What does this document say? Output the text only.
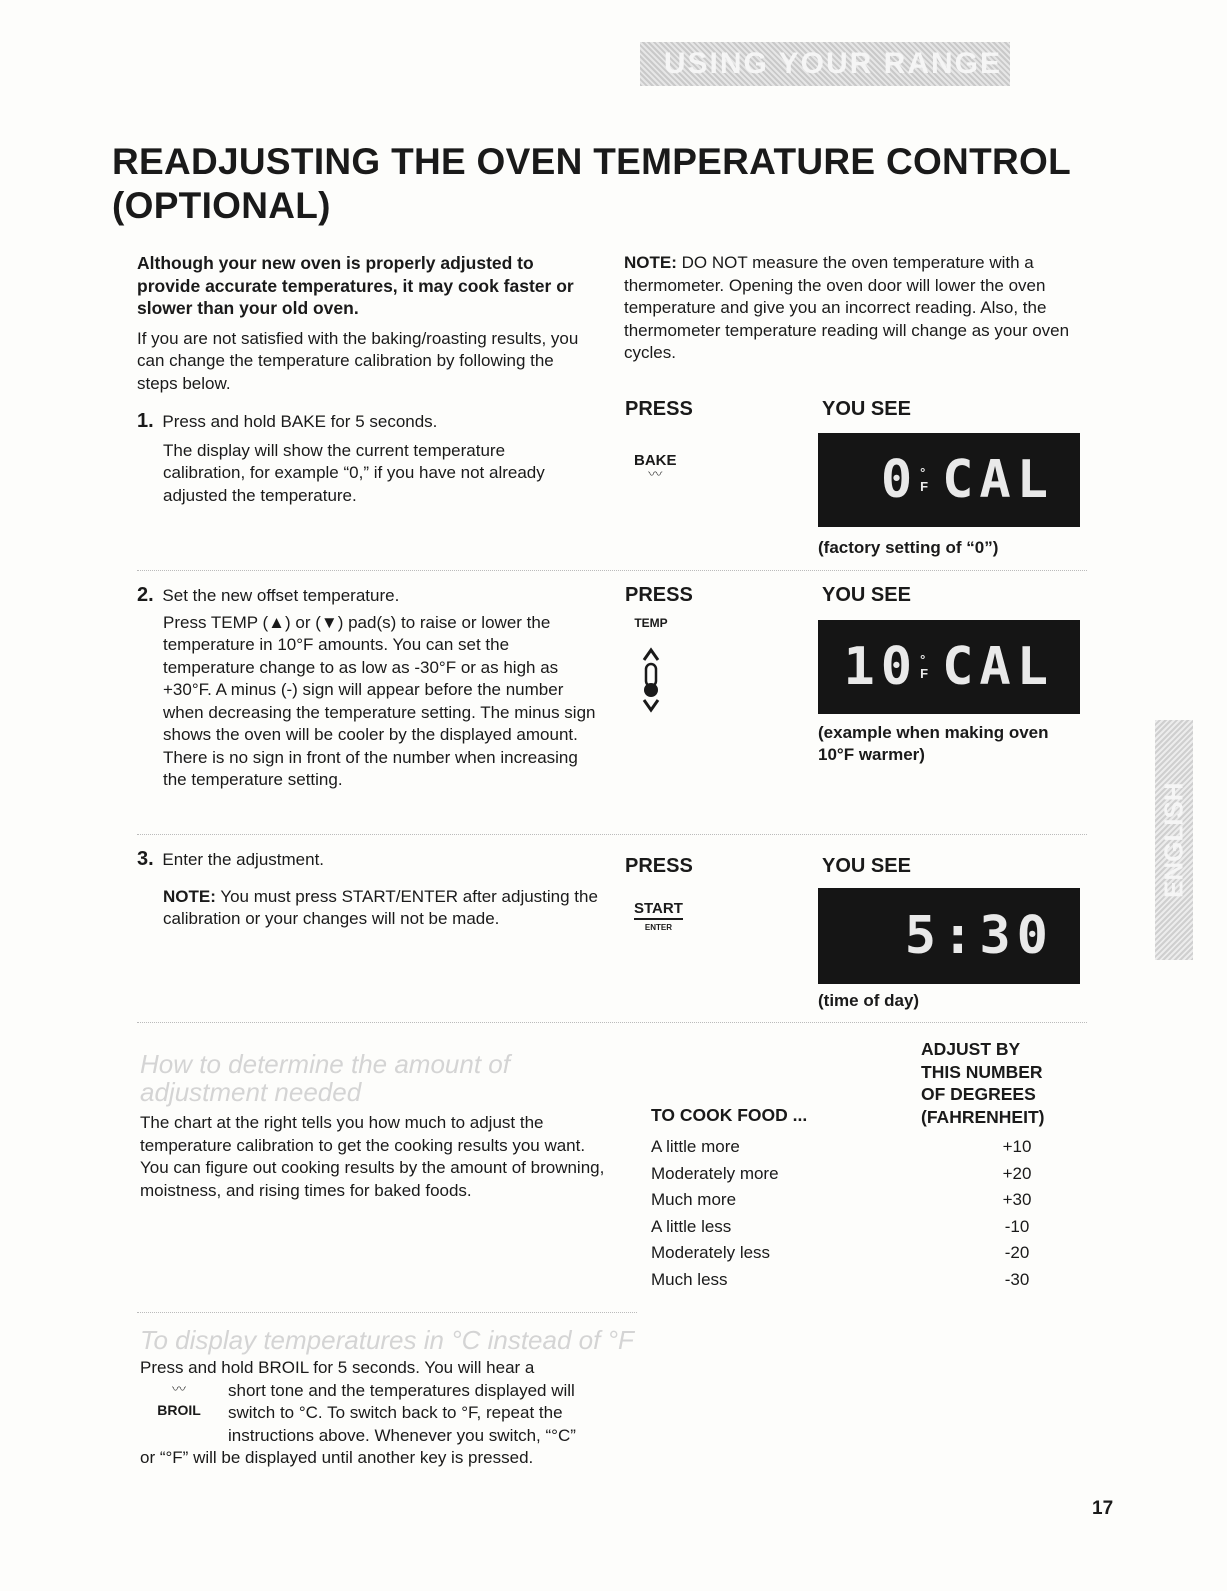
USING YOUR RANGE
READJUSTING THE OVEN TEMPERATURE CONTROL (OPTIONAL)
Although your new oven is properly adjusted to provide accurate temperatures, it may cook faster or slower than your old oven.
If you are not satisfied with the baking/roasting results, you can change the temperature calibration by following the steps below.
NOTE: DO NOT measure the oven temperature with a thermometer. Opening the oven door will lower the oven temperature and give you an incorrect reading. Also, the thermometer temperature reading will change as your oven cycles.
1. Press and hold BAKE for 5 seconds.
The display will show the current temperature calibration, for example “0,” if you have not already adjusted the temperature.
PRESS	YOU SEE
BAKE
〰	0 °
F CAL
(factory setting of “0”)
2. Set the new offset temperature.
Press TEMP (▲) or (▼) pad(s) to raise or lower the temperature in 10°F amounts. You can set the temperature change to as low as -30°F or as high as +30°F. A minus (-) sign will appear before the number when decreasing the temperature setting. The minus sign shows the oven will be cooler by the displayed amount. There is no sign in front of the number when increasing the temperature setting.
PRESS	YOU SEE
TEMP
10 °
F CAL
(example when making oven 10°F warmer)
3. Enter the adjustment.
NOTE: You must press START/ENTER after adjusting the calibration or your changes will not be made.
PRESS	YOU SEE
START
ENTER	5:30
(time of day)
How to determine the amount of
adjustment needed
The chart at the right tells you how much to adjust the temperature calibration to get the cooking results you want. You can figure out cooking results by the amount of browning, moistness, and rising times for baked foods.
TO COOK FOOD ...
ADJUST BY
THIS NUMBER
OF DEGREES
(FAHRENHEIT)
A little more	+10
Moderately more	+20
Much more	+30
A little less	-10
Moderately less	-20
Much less	-30
To display temperatures in °C instead of °F
Press and hold BROIL for 5 seconds. You will hear a
short tone and the temperatures displayed will
switch to °C. To switch back to °F, repeat the
instructions above. Whenever you switch, “°C”
or “°F” will be displayed until another key is pressed.
〰
BROIL
ENGLISH
17
